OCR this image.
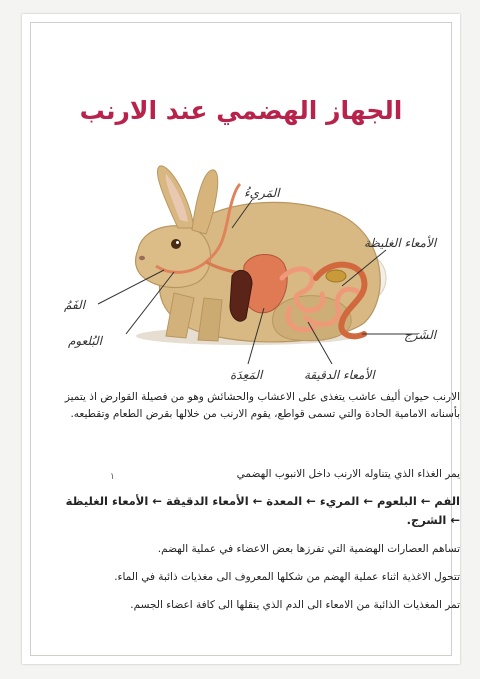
الجهاز الهضمي عند الارنب
المَريءُ
الأمعاء الغليظة
الفَمُ
البُلعوم	الشَرَج
المَعِدَة	الأمعاء الدقيقة
الارنب حيوان أليف عاشب يتغذى على الاعشاب والحشائش وهو من فصيلة القوارض اذ يتميز بأسنانه الامامية الحادة والتي تسمى قواطع، يقوم الارنب من خلالها بقرض الطعام وتقطيعه.
١	يمر الغذاء الذي يتناوله الارنب داخل الانبوب الهضمي
الفم ← البلعوم ← المريء ← المعدة ← الأمعاء الدقيقة ← الأمعاء الغليظة ← الشرج.
تساهم العصارات الهضمية التي تفرزها بعض الاعضاء في عملية الهضم.
تتحول الاغذية اثناء عملية الهضم من شكلها المعروف الى مغذيات ذائبة في الماء.
تمر المغذيات الذائبة من الامعاء الى الدم الذي ينقلها الى كافة اعضاء الجسم.
